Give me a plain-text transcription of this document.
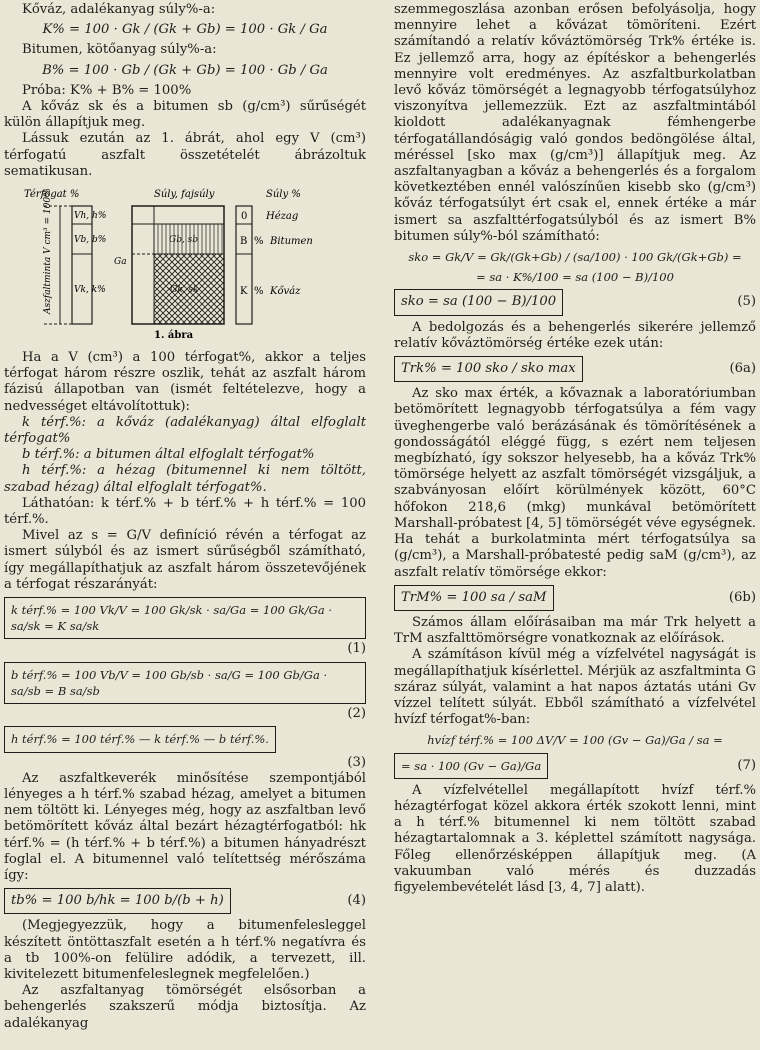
Kőváz, adalékanyag súly%-a:

K% = 100 · Gk / (Gk + Gb) = 100 · Gk / Ga

Bitumen, kötőanyag súly%-a:

B% = 100 · Gb / (Gk + Gb) = 100 · Gb / Ga

Próba: K% + B% = 100%

A kőváz sk és a bitumen sb (g/cm³) sűrűségét külön állapítjuk meg.

Lássuk ezután az 1. ábrát, ahol egy V (cm³) térfogatú aszfalt összetételét ábrázoltuk sematikusan.

Térfogat %	Súly, fajsúly	Súly %
Vh, h%
Vb, b%
Vk, k%
Aszfaltminta V cm³ = 100%	0 Hézag
B % Bitumen
K % Kőváz
Gb, sb
Gk, sk
Ga
1. ábra

Ha a V (cm³) a 100 térfogat%, akkor a teljes térfogat három részre oszlik, tehát az aszfalt három fázisú állapotban van (ismét feltételezve, hogy a nedvességet eltávolítottuk):

k térf.%: a kőváz (adalékanyag) által elfoglalt térfogat%

b térf.%: a bitumen által elfoglalt térfogat%

h térf.%: a hézag (bitumennel ki nem töltött, szabad hézag) által elfoglalt térfogat%.

Láthatóan: k térf.% + b térf.% + h térf.% = 100 térf.%.

Mivel az s = G/V definíció révén a térfogat az ismert súlyból és az ismert sűrűségből számítható, így megállapíthatjuk az aszfalt három összetevőjének a térfogat részarányát:

k térf.% = 100 Vk/V = 100 Gk/sk · sa/Ga = 100 Gk/Ga · sa/sk = K sa/sk
(1)
b térf.% = 100 Vb/V = 100 Gb/sb · sa/G = 100 Gb/Ga · sa/sb = B sa/sb
(2)
h térf.% = 100 térf.% — k térf.% — b térf.%.
(3)

Az aszfaltkeverék minősítése szempontjából lényeges a h térf.% szabad hézag, amelyet a bitumen nem töltött ki. Lényeges még, hogy az aszfaltban levő betömörített kőváz által bezárt hézagtérfogatból: hk térf.% = (h térf.% + b térf.%) a bitumen hányadrészt foglal el. A bitumennel való telítettség mérőszáma így:

tb% = 100 b/hk = 100 b/(b + h)	(4)

(Megjegyezzük, hogy a bitumenfelesleggel készített öntöttaszfalt esetén a h térf.% negatívra és a tb 100%-on felülire adódik, a tervezett, ill. kivitelezett bitumenfeleslegnek megfelelően.)

Az aszfaltanyag tömörségét elsősorban a behengerlés szakszerű módja biztosítja. Az adalékanyag

szemmegoszlása azonban erősen befolyásolja, hogy mennyire lehet a kővázat tömöríteni. Ezért számítandó a relatív kőváztömörség Trk% értéke is. Ez jellemző arra, hogy az építéskor a behengerlés mennyire volt eredményes. Az aszfaltburkolatban levő kőváz tömörségét a legnagyobb térfogatsúlyhoz viszonyítva jellemezzük. Ezt az aszfaltmintából kioldott adalékanyagnak fémhengerbe térfogatállandóságig való gondos bedöngölése által, méréssel [sko max (g/cm³)] állapítjuk meg. Az aszfaltanyagban a kőváz a behengerlés és a forgalom következtében ennél valószínűen kisebb sko (g/cm³) kőváz térfogatsúlyt ért csak el, ennek értéke a már ismert sa aszfalttérfogatsúlyból és az ismert B% bitumen súly%-ból számítható:

sko = Gk/V = Gk/(Gk+Gb) / (sa/100) · 100 Gk/(Gk+Gb) =
= sa · K%/100 = sa (100 − B)/100
sko = sa (100 − B)/100	(5)

A bedolgozás és a behengerlés sikerére jellemző relatív kőváztömörség értéke ezek után:

Trk% = 100 sko / sko max	(6a)

Az sko max érték, a kővaznak a laboratóriumban betömörített legnagyobb térfogatsúlya a fém vagy üveghengerbe való berázásának és tömörítésének a gondosságától eléggé függ, s ezért nem teljesen megbízható, így sokszor helyesebb, ha a kőváz Trk% tömörsége helyett az aszfalt tömörségét vizsgáljuk, a szabványosan előírt körülmények között, 60°C hőfokon 218,6 (mkg) munkával betömörített Marshall-próbatest [4, 5] tömörségét véve egységnek. Ha tehát a burkolatminta mért térfogatsúlya sa (g/cm³), a Marshall-próbatesté pedig saM (g/cm³), az aszfalt relatív tömörsége ekkor:

TrM% = 100 sa / saM	(6b)

Számos állam előírásaiban ma már Trk helyett a TrM aszfalttömörségre vonatkoznak az előírások.

A számításon kívül még a vízfelvétel nagyságát is megállapíthatjuk kísérlettel. Mérjük az aszfaltminta G száraz súlyát, valamint a hat napos áztatás utáni Gv vízzel telített súlyát. Ebből számítható a vízfelvétel hvízf térfogat%-ban:

hvízf térf.% = 100 ΔV/V = 100 (Gv − Ga)/Ga / sa =
= sa · 100 (Gv − Ga)/Ga	(7)

A vízfelvétellel megállapított hvízf térf.% hézagtérfogat közel akkora érték szokott lenni, mint a h térf.% bitumennel ki nem töltött szabad hézagtartalomnak a 3. képlettel számított nagysága. Főleg ellenőrzésképpen állapítjuk meg. (A vakuumban való mérés és duzzadás figyelembevételét lásd [3, 4, 7] alatt).
